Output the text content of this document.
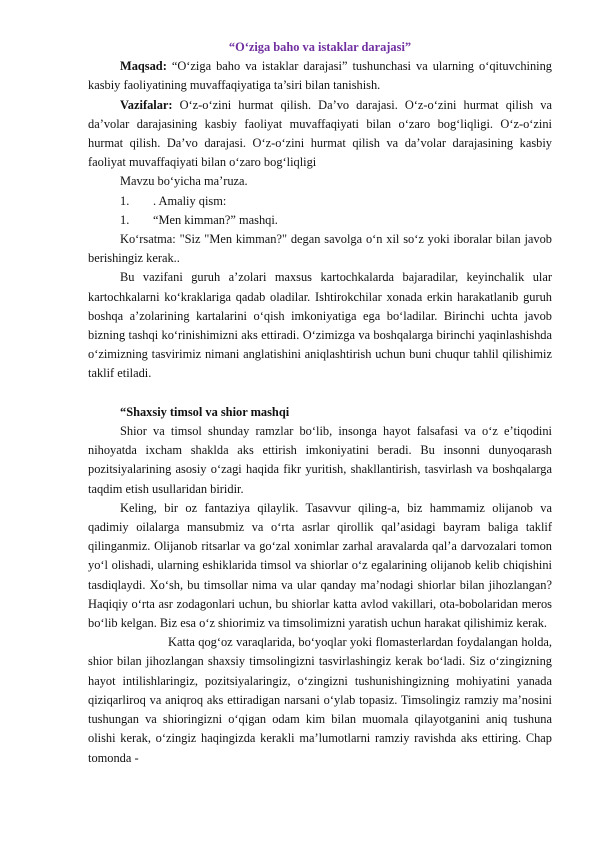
“O‘ziga baho va istaklar darajasi”

Maqsad: “O‘ziga baho va istaklar darajasi” tushunchasi va ularning o‘qituvchining kasbiy faoliyatining muvaffaqiyatiga ta’siri bilan tanishish.

Vazifalar: O‘z-o‘zini hurmat qilish. Da’vo darajasi. O‘z-o‘zini hurmat qilish va da’volar darajasining kasbiy faoliyat muvaffaqiyati bilan o‘zaro bog‘liqligi. O‘z-o‘zini hurmat qilish. Da’vo darajasi. O‘z-o‘zini hurmat qilish va da’volar darajasining kasbiy faoliyat muvaffaqiyati bilan o‘zaro bog‘liqligi

Mavzu bo‘yicha ma’ruza.

1.	. Amaliy qism:
1.	“Men kimman?” mashqi.

Ko‘rsatma: "Siz "Men kimman?" degan savolga o‘n xil so‘z yoki iboralar bilan javob berishingiz kerak..

Bu vazifani guruh a’zolari maxsus kartochkalarda bajaradilar, keyinchalik ular kartochkalarni ko‘kraklariga qadab oladilar. Ishtirokchilar xonada erkin harakatlanib guruh boshqa a’zolarining kartalarini o‘qish imkoniyatiga ega bo‘ladilar. Birinchi uchta javob bizning tashqi ko‘rinishimizni aks ettiradi. O‘zimizga va boshqalarga birinchi yaqinlashishda o‘zimizning tasvirimiz nimani anglatishini aniqlashtirish uchun buni chuqur tahlil qilishimiz taklif etiladi.

“Shaxsiy timsol va shior mashqi

Shior va timsol shunday ramzlar bo‘lib, insonga hayot falsafasi va o‘z e’tiqodini nihoyatda ixcham shaklda aks ettirish imkoniyatini beradi. Bu insonni dunyoqarash pozitsiyalarining asosiy o‘zagi haqida fikr yuritish, shakllantirish, tasvirlash va boshqalarga taqdim etish usullaridan biridir.

Keling, bir oz fantaziya qilaylik. Tasavvur qiling-a, biz hammamiz olijanob va qadimiy oilalarga mansubmiz va o‘rta asrlar qirollik qal’asidagi bayram baliga taklif qilinganmiz. Olijanob ritsarlar va go‘zal xonimlar zarhal aravalarda qal’a darvozalari tomon yo‘l olishadi, ularning eshiklarida timsol va shiorlar o‘z egalarining olijanob kelib chiqishini tasdiqlaydi. Xo‘sh, bu timsollar nima va ular qanday ma’nodagi shiorlar bilan jihozlangan? Haqiqiy o‘rta asr zodagonlari uchun, bu shiorlar katta avlod vakillari, ota-bobolaridan meros bo‘lib kelgan. Biz esa o‘z shiorimiz va timsolimizni yaratish uchun harakat qilishimiz kerak.

Katta qog‘oz varaqlarida, bo‘yoqlar yoki flomasterlardan foydalangan holda, shior bilan jihozlangan shaxsiy timsolingizni tasvirlashingiz kerak bo‘ladi. Siz o‘zingizning hayot intilishlaringiz, pozitsiyalaringiz, o‘zingizni tushunishingizning mohiyatini yanada qiziqarliroq va aniqroq aks ettiradigan narsani o‘ylab topasiz. Timsolingiz ramziy ma’nosini tushungan va shioringizni o‘qigan odam kim bilan muomala qilayotganini aniq tushuna olishi kerak, o‘zingiz haqingizda kerakli ma’lumotlarni ramziy ravishda aks ettiring. Chap tomonda -
